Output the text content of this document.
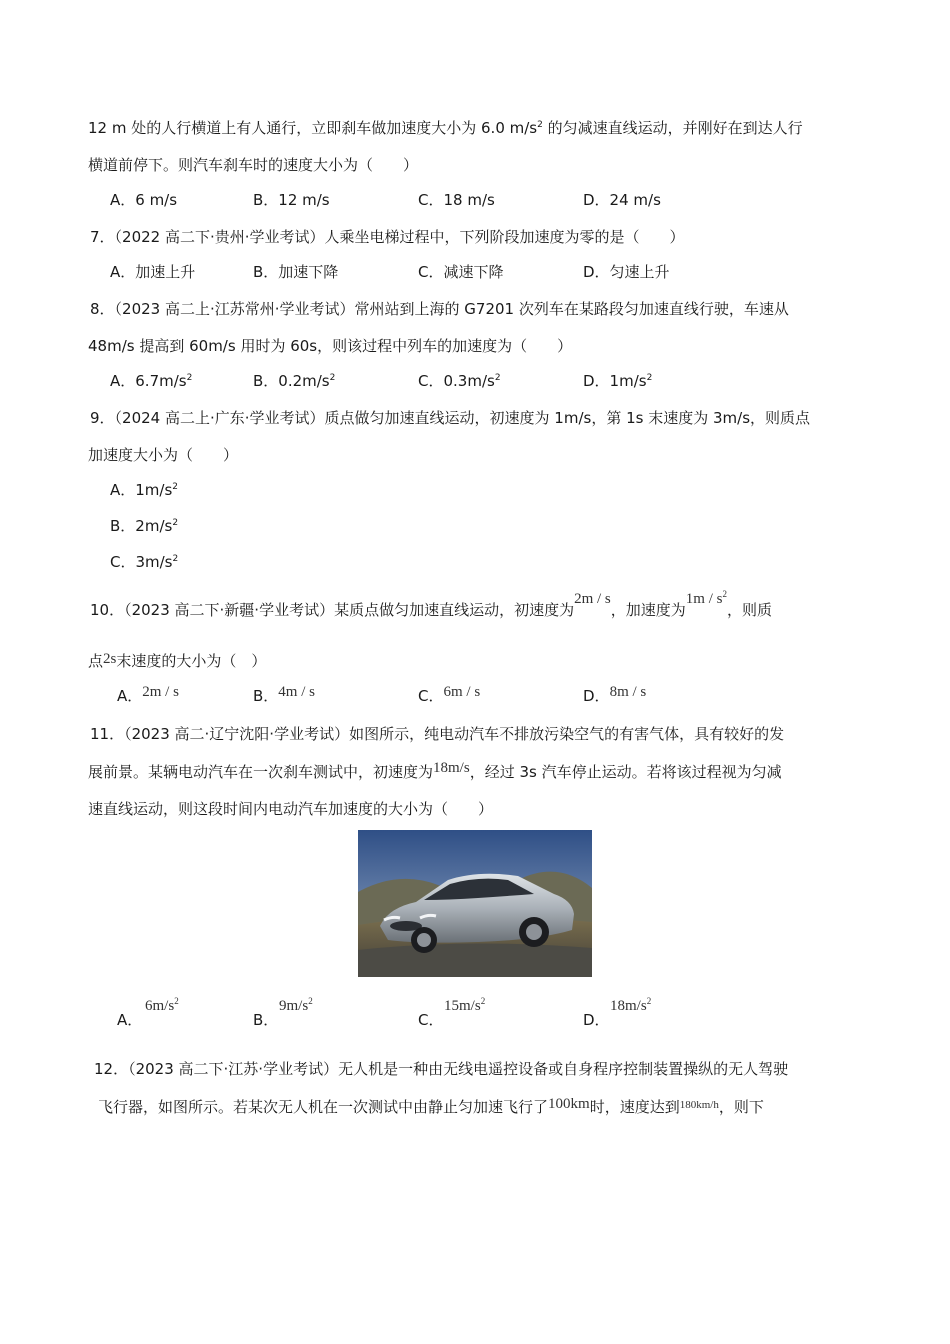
12 m 处的人行横道上有人通行，立即刹车做加速度大小为 6.0 $m/s^2$ 的匀减速直线运动，并刚好在到达人行
横道前停下。则汽车刹车时的速度大小为（　　）
A．6 m/s	B．12 m/s	C．18 m/s	D．24 m/s
7．（2022 高二下·贵州·学业考试）人乘坐电梯过程中，下列阶段加速度为零的是（　　）
A．加速上升	B．加速下降	C．减速下降	D．匀速上升
8．（2023 高二上·江苏常州·学业考试）常州站到上海的 G7201 次列车在某路段匀加速直线行驶，车速从
48m/s 提高到 60m/s 用时为 60s，则该过程中列车的加速度为（　　）
A．$6.7m/s^2$	B．$0.2m/s^2$	C．$0.3m/s^2$	D．$1m/s^2$
9．（2024 高二上·广东·学业考试）质点做匀加速直线运动，初速度为 1m/s，第 1s 末速度为 3m/s，则质点
加速度大小为（　　）
A．$1m/s^2$
B．$2m/s^2$
C．$3m/s^2$
10．（2023 高二下·新疆·学业考试）某质点做匀加速直线运动，初速度为2m / s，加速度为$1m / s^2$，则质
点2s末速度的大小为（　）
A．2m / s	B．4m / s	C．6m / s	D．8m / s
11．（2023 高二·辽宁沈阳·学业考试）如图所示，纯电动汽车不排放污染空气的有害气体，具有较好的发
展前景。某辆电动汽车在一次刹车测试中，初速度为18m/s，经过 3s 汽车停止运动。若将该过程视为匀减
速直线运动，则这段时间内电动汽车加速度的大小为（　　）
A．
$6m/s^2$
B．
$9m/s^2$
C．
$15m/s^2$
D．
$18m/s^2$
12．（2023 高二下·江苏·学业考试）无人机是一种由无线电遥控设备或自身程序控制装置操纵的无人驾驶
飞行器，如图所示。若某次无人机在一次测试中由静止匀加速飞行了100km时，速度达到$^{180km/h}$，则下
